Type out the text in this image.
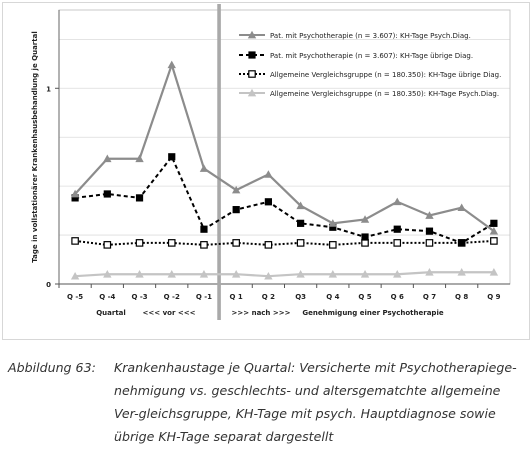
0
1
Tage in vollstationärer Krankenhausbehandlung je Quartal
Q -5 Q -4 Q -3 Q -2 Q -1 Q 1	Q 2	Q3	Q 4	Q 5	Q 6	Q 7	Q 8	Q 9
Quartal <<< vor <<<	>>> nach >>> Genehmigung einer Psychotherapie
Pat. mit Psychotherapie (n = 3.607): KH-Tage Psych.Diag.
Pat. mit Psychotherapie (n = 3.607): KH-Tage übrige Diag.
Allgemeine Vergleichsgruppe (n = 180.350): KH-Tage übrige Diag.
Allgemeine Vergleichsgruppe (n = 180.350): KH-Tage Psych.Diag.
Abbildung 63: Krankenhaustage je Quartal: Versicherte mit Psychotherapiege-nehmigung vs. geschlechts- und altersgematchte allgemeine Ver-gleichsgruppe, KH-Tage mit psych. Hauptdiagnose sowie übrige KH-Tage separat dargestellt
